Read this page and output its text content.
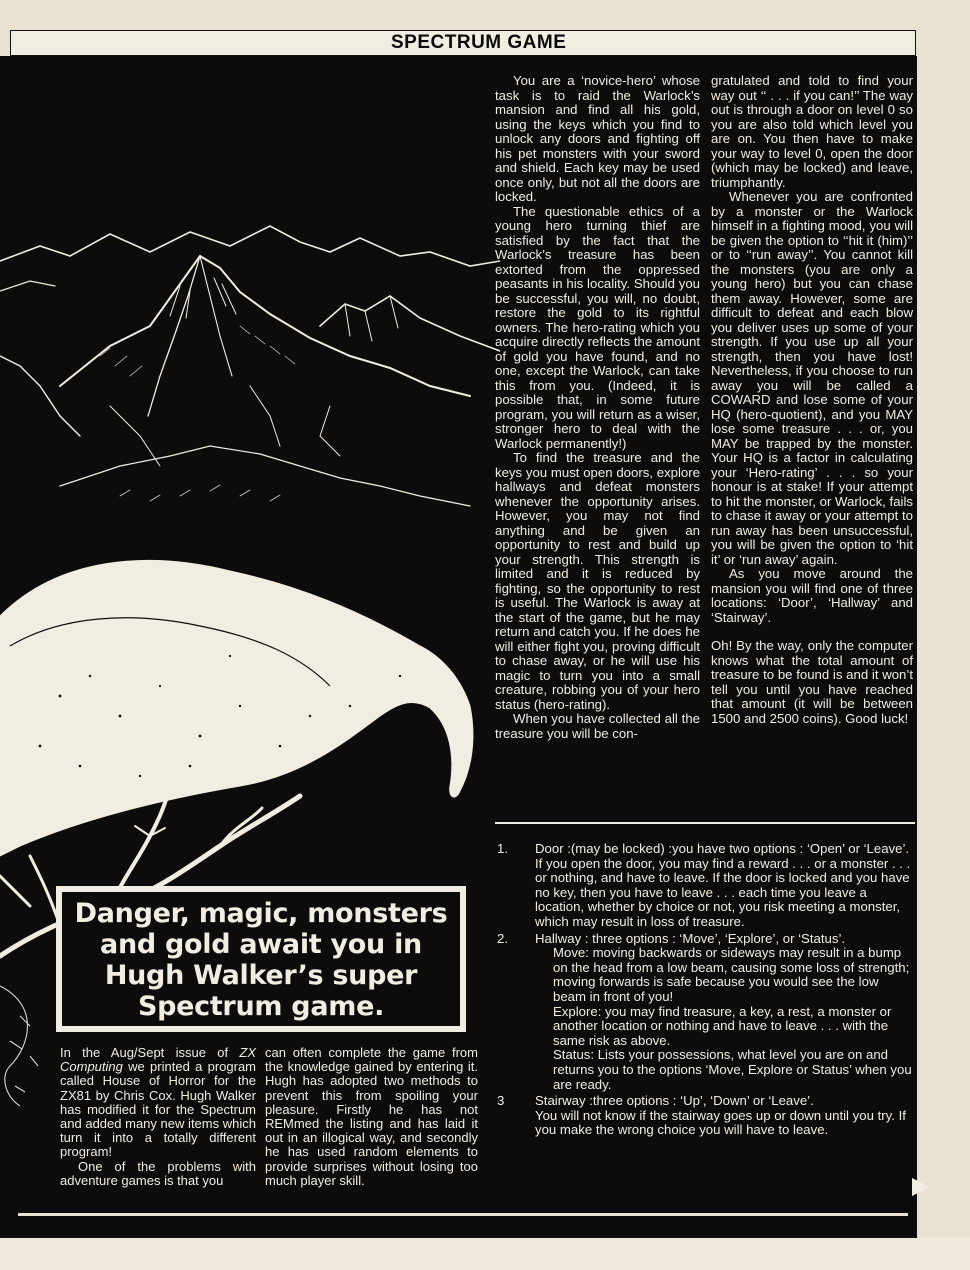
SPECTRUM GAME

You are a ‘novice-hero’ whose task is to raid the Warlock’s mansion and find all his gold, using the keys which you find to unlock any doors and fighting off his pet monsters with your sword and shield. Each key may be used once only, but not all the doors are locked.

The questionable ethics of a young hero turning thief are satisfied by the fact that the Warlock’s treasure has been extorted from the oppressed peasants in his locality. Should you be successful, you will, no doubt, restore the gold to its rightful owners. The hero-rating which you acquire directly reflects the amount of gold you have found, and no one, except the Warlock, can take this from you. (Indeed, it is possible that, in some future program, you will return as a wiser, stronger hero to deal with the Warlock permanently!)

To find the treasure and the keys you must open doors, explore hallways and defeat monsters whenever the opportunity arises. However, you may not find anything and be given an opportunity to rest and build up your strength. This strength is limited and it is reduced by fighting, so the opportunity to rest is useful. The Warlock is away at the start of the game, but he may return and catch you. If he does he will either fight you, proving difficult to chase away, or he will use his magic to turn you into a small creature, robbing you of your hero status (hero-rating).

When you have collected all the treasure you will be con-

gratulated and told to find your way out ‘‘ . . . if you can!’’ The way out is through a door on level 0 so you are also told which level you are on. You then have to make your way to level 0, open the door (which may be locked) and leave, triumphantly.

Whenever you are confronted by a monster or the Warlock himself in a fighting mood, you will be given the option to ‘‘hit it (him)’’ or to ‘‘run away’’. You cannot kill the monsters (you are only a young hero) but you can chase them away. However, some are difficult to defeat and each blow you deliver uses up some of your strength. If you use up all your strength, then you have lost! Nevertheless, if you choose to run away you will be called a COWARD and lose some of your HQ (hero-quotient), and you MAY lose some treasure . . . or, you MAY be trapped by the monster. Your HQ is a factor in calculating your ‘Hero-rating’ . . . so your honour is at stake! If your attempt to hit the monster, or Warlock, fails to chase it away or your attempt to run away has been unsuccessful, you will be given the option to ‘hit it’ or ‘run away’ again.

As you move around the mansion you will find one of three locations: ‘Door’, ‘Hallway’ and ‘Stairway’.

Oh! By the way, only the computer knows what the total amount of treasure to be found is and it won’t tell you until you have reached that amount (it will be between 1500 and 2500 coins). Good luck!

Danger, magic, monsters and gold await you in Hugh Walker’s super Spectrum game.

In the Aug/Sept issue of ZX Computing we printed a program called House of Horror for the ZX81 by Chris Cox. Hugh Walker has modified it for the Spectrum and added many new items which turn it into a totally different program!

One of the problems with adventure games is that you

can often complete the game from the knowledge gained by entering it. Hugh has adopted two methods to prevent this from spoiling your pleasure. Firstly he has not REMmed the listing and has laid it out in an illogical way, and secondly he has used random elements to provide surprises without losing too much player skill.

1.	Door :(may be locked) :you have two options : ‘Open’ or ‘Leave’.
If you open the door, you may find a reward . . . or a monster . . . or nothing, and have to leave. If the door is locked and you have no key, then you have to leave . . . each time you leave a location, whether by choice or not, you risk meeting a monster, which may result in loss of treasure.
2.	Hallway : three options : ‘Move’, ‘Explore’, or ‘Status’.
Move: moving backwards or sideways may result in a bump on the head from a low beam, causing some loss of strength; moving forwards is safe because you would see the low beam in front of you!
Explore: you may find treasure, a key, a rest, a monster or another location or nothing and have to leave . . . with the same risk as above.
Status: Lists your possessions, what level you are on and returns you to the options ‘Move, Explore or Status’ when you are ready.
3	Stairway :three options : ‘Up’, ‘Down’ or ‘Leave’.
You will not know if the stairway goes up or down until you try. If you make the wrong choice you will have to leave.
